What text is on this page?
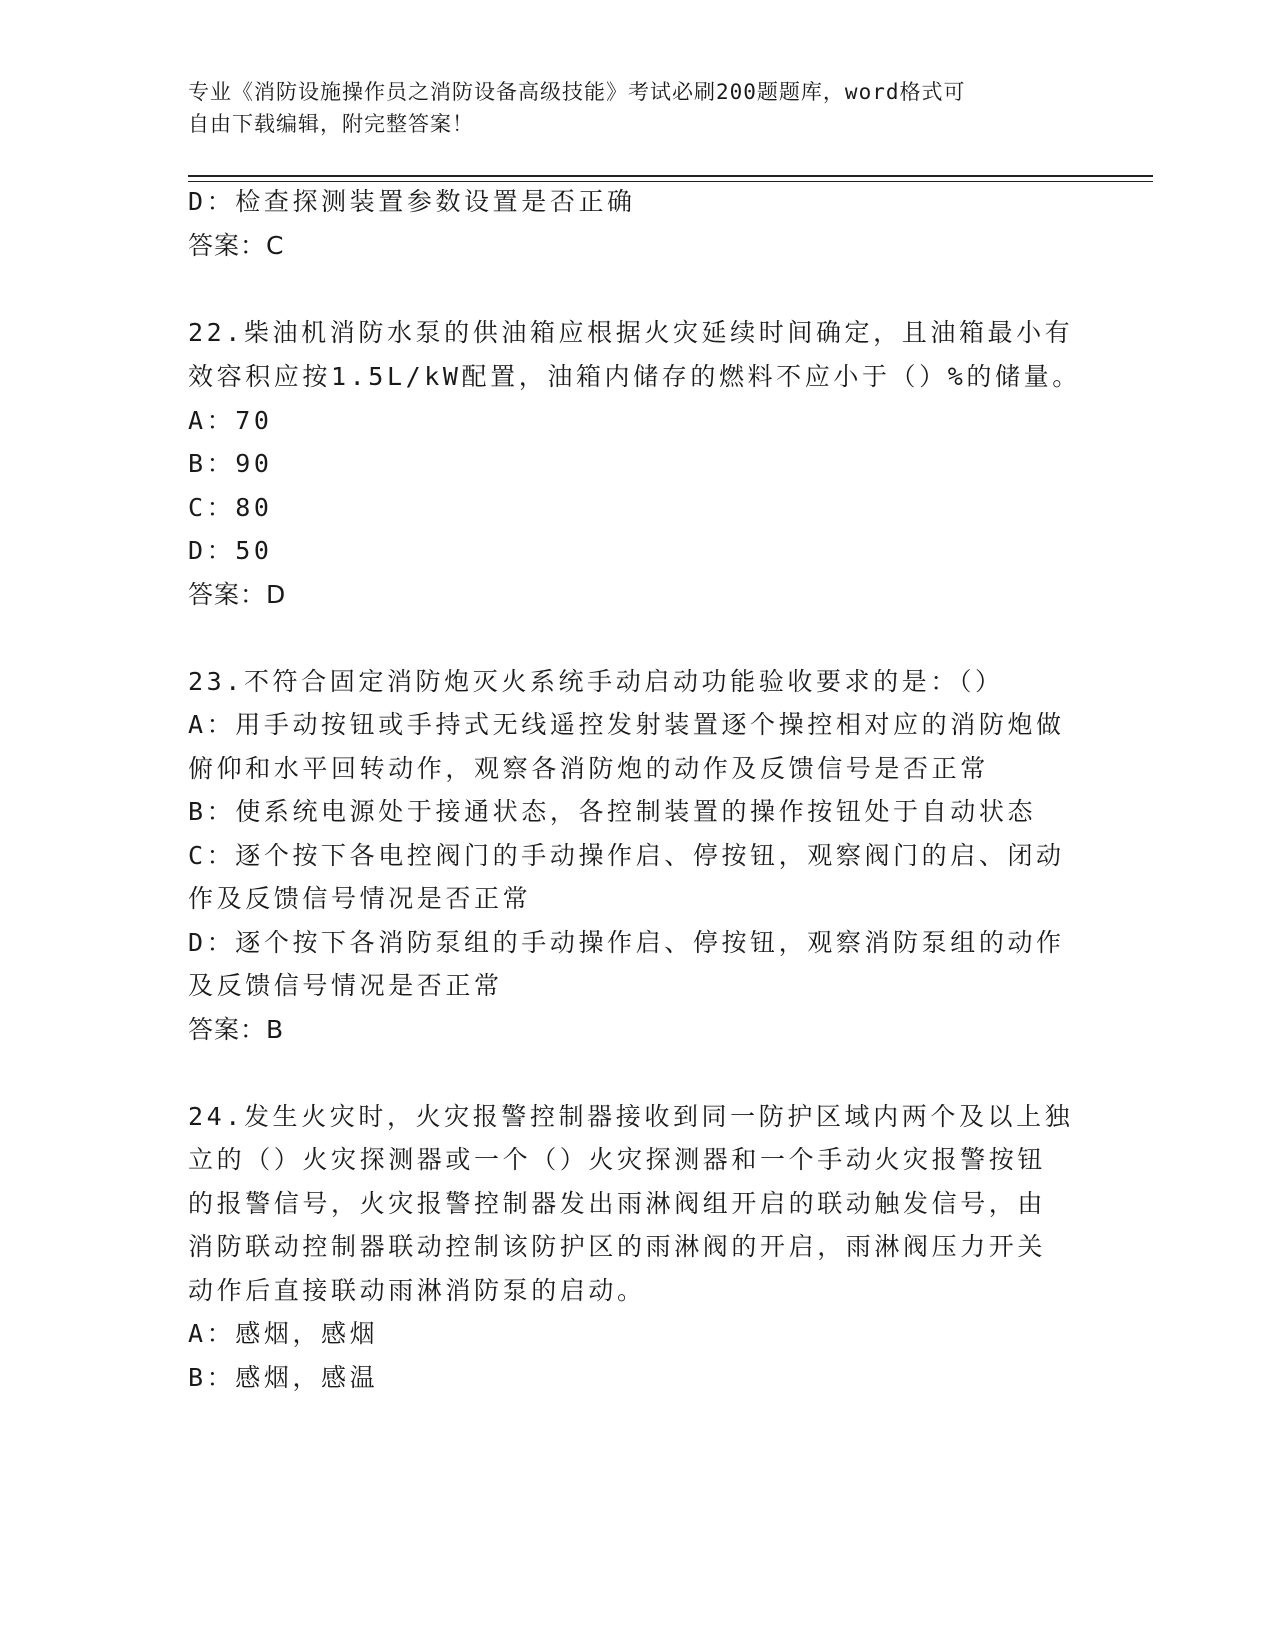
专业《消防设施操作员之消防设备高级技能》考试必刷200题题库，word格式可
自由下载编辑，附完整答案！
D：检查探测装置参数设置是否正确
答案：C
22.柴油机消防水泵的供油箱应根据火灾延续时间确定，且油箱最小有
效容积应按1.5L/kW配置，油箱内储存的燃料不应小于（）%的储量。
A：70
B：90
C：80
D：50
答案：D
23.不符合固定消防炮灭火系统手动启动功能验收要求的是：（）
A：用手动按钮或手持式无线遥控发射装置逐个操控相对应的消防炮做
俯仰和水平回转动作，观察各消防炮的动作及反馈信号是否正常
B：使系统电源处于接通状态，各控制装置的操作按钮处于自动状态
C：逐个按下各电控阀门的手动操作启、停按钮，观察阀门的启、闭动
作及反馈信号情况是否正常
D：逐个按下各消防泵组的手动操作启、停按钮，观察消防泵组的动作
及反馈信号情况是否正常
答案：B
24.发生火灾时，火灾报警控制器接收到同一防护区域内两个及以上独
立的（）火灾探测器或一个（）火灾探测器和一个手动火灾报警按钮
的报警信号，火灾报警控制器发出雨淋阀组开启的联动触发信号，由
消防联动控制器联动控制该防护区的雨淋阀的开启，雨淋阀压力开关
动作后直接联动雨淋消防泵的启动。
A：感烟，感烟
B：感烟，感温
